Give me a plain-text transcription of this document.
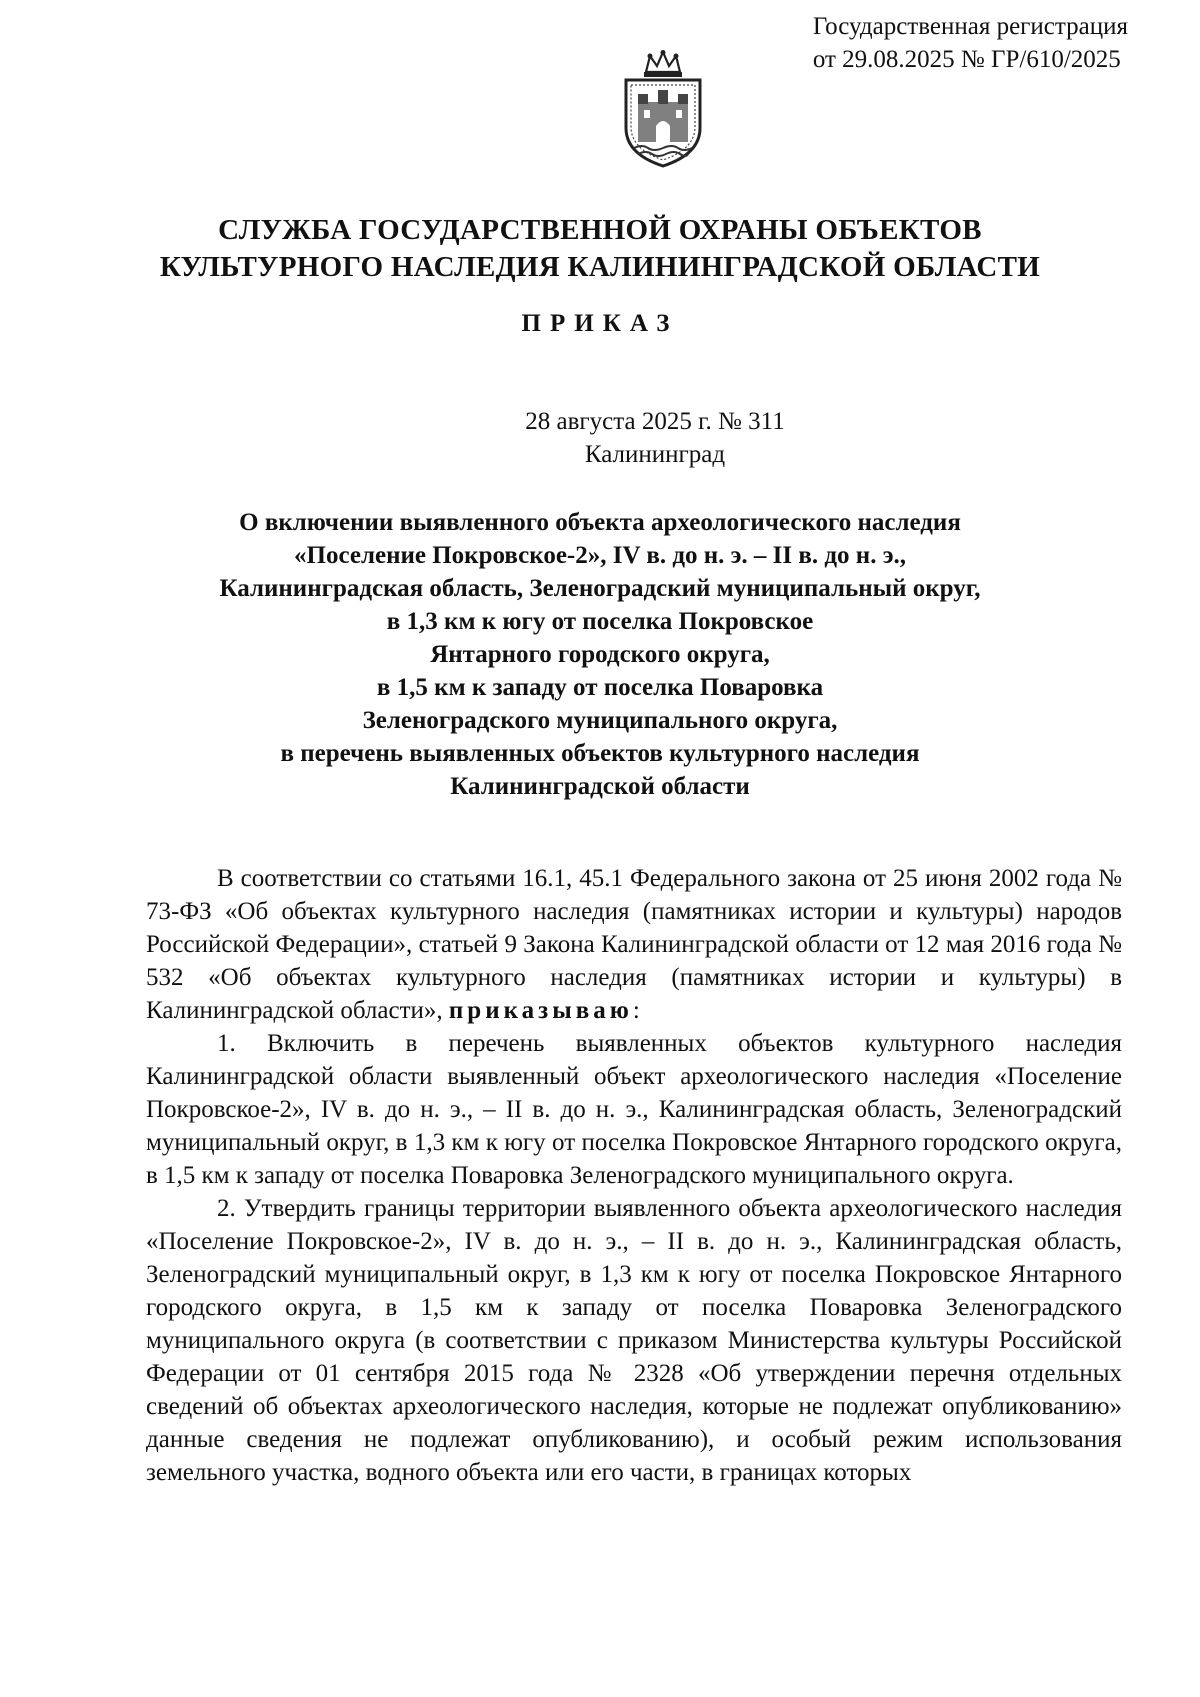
Государственная регистрация
от 29.08.2025 № ГР/610/2025
СЛУЖБА ГОСУДАРСТВЕННОЙ ОХРАНЫ ОБЪЕКТОВ
КУЛЬТУРНОГО НАСЛЕДИЯ КАЛИНИНГРАДСКОЙ ОБЛАСТИ
ПРИКАЗ
28 августа 2025 г. № 311
Калининград
О включении выявленного объекта археологического наследия
«Поселение Покровское-2», IV в. до н. э. – II в. до н. э.,
Калининградская область, Зеленоградский муниципальный округ,
в 1,3 км к югу от поселка Покровское
Янтарного городского округа,
в 1,5 км к западу от поселка Поваровка
Зеленоградского муниципального округа,
в перечень выявленных объектов культурного наследия
Калининградской области

В соответствии со статьями 16.1, 45.1 Федерального закона от 25 июня 2002 года № 73-ФЗ «Об объектах культурного наследия (памятниках истории и культуры) народов Российской Федерации», статьей 9 Закона Калининградской области от 12 мая 2016 года № 532 «Об объектах культурного наследия (памятниках истории и культуры) в Калининградской области», приказываю:

1. Включить в перечень выявленных объектов культурного наследия Калининградской области выявленный объект археологического наследия «Поселение Покровское-2», IV в. до н. э., – II в. до н. э., Калининградская область, Зеленоградский муниципальный округ, в 1,3 км к югу от поселка Покровское Янтарного городского округа, в 1,5 км к западу от поселка Поваровка Зеленоградского муниципального округа.

2. Утвердить границы территории выявленного объекта археологического наследия «Поселение Покровское-2», IV в. до н. э., – II в. до н. э., Калининградская область, Зеленоградский муниципальный округ, в 1,3 км к югу от поселка Покровское Янтарного городского округа, в 1,5 км к западу от поселка Поваровка Зеленоградского муниципального округа (в соответствии с приказом Министерства культуры Российской Федерации от 01 сентября 2015 года № 2328 «Об утверждении перечня отдельных сведений об объектах археологического наследия, которые не подлежат опубликованию» данные сведения не подлежат опубликованию), и особый режим использования земельного участка, водного объекта или его части, в границах которых
